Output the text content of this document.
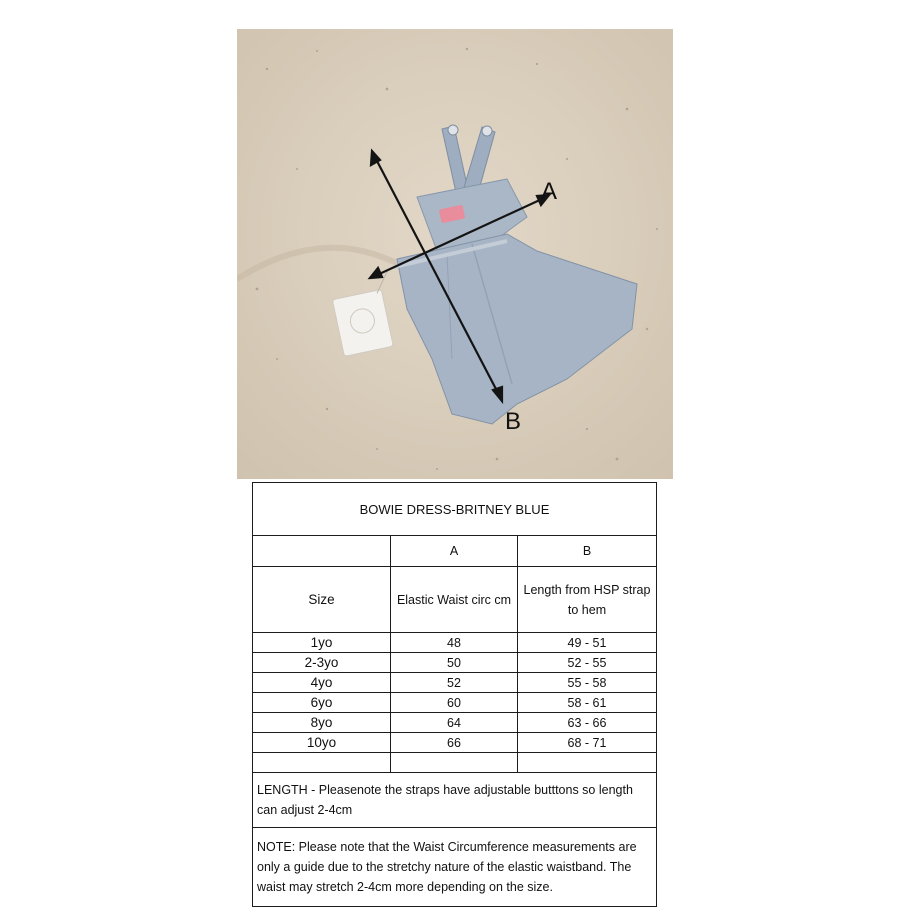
A
B
BOWIE DRESS-BRITNEY BLUE		
	A	B
Size	Elastic Waist circ cm	Length from HSP strap to hem
1yo	48	49 - 51
2-3yo	50	52 - 55
4yo	52	55 - 58
6yo	60	58 - 61
8yo	64	63 - 66
10yo	66	68 - 71

LENGTH - Pleasenote the straps have adjustable butttons so length can adjust 2-4cm		
NOTE: Please note that the Waist Circumference measurements are only a guide due to the stretchy nature of the elastic waistband. The waist may stretch 2-4cm more depending on the size.		
